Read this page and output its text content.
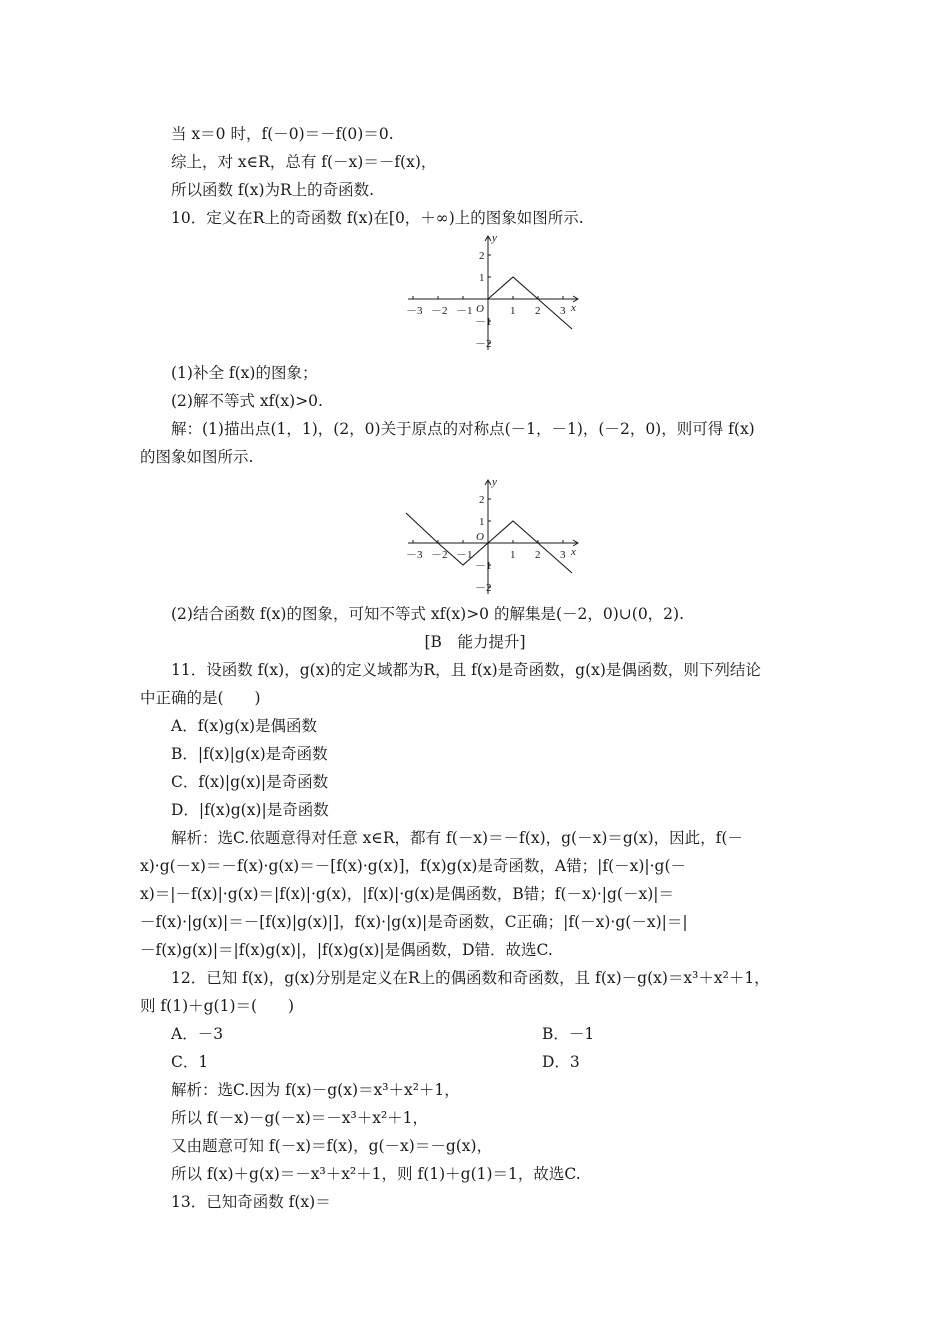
当 x＝0 时，f(－0)＝－f(0)＝0.
综上，对 x∈R，总有 f(－x)＝－f(x)，
所以函数 f(x)为R上的奇函数.
10．定义在R上的奇函数 f(x)在[0，＋∞)上的图象如图所示.
y
x
O
－3 －2 －1	1 2 3
2
1
－1
－2
(1)补全 f(x)的图象；
(2)解不等式 xf(x)>0.
解：(1)描出点(1，1)，(2，0)关于原点的对称点(－1，－1)，(－2，0)，则可得 f(x)
的图象如图所示.
y
x
O
－3 －2 －1	1 2 3
2
1
－1
－2
(2)结合函数 f(x)的图象，可知不等式 xf(x)>0 的解集是(－2，0)∪(0，2).
[B　能力提升]
11．设函数 f(x)，g(x)的定义域都为R，且 f(x)是奇函数，g(x)是偶函数，则下列结论
中正确的是(　　)
A．f(x)g(x)是偶函数
B．|f(x)|g(x)是奇函数
C．f(x)|g(x)|是奇函数
D．|f(x)g(x)|是奇函数
解析：选C.依题意得对任意 x∈R，都有 f(－x)＝－f(x)，g(－x)＝g(x)，因此，f(－
x)·g(－x)＝－f(x)·g(x)＝－[f(x)·g(x)]，f(x)g(x)是奇函数，A错；|f(－x)|·g(－
x)＝|－f(x)|·g(x)＝|f(x)|·g(x)，|f(x)|·g(x)是偶函数，B错；f(－x)·|g(－x)|＝
－f(x)·|g(x)|＝－[f(x)|g(x)|]，f(x)·|g(x)|是奇函数，C正确；|f(－x)·g(－x)|＝|
－f(x)g(x)|＝|f(x)g(x)|，|f(x)g(x)|是偶函数，D错．故选C.
12．已知 f(x)，g(x)分别是定义在R上的偶函数和奇函数，且 f(x)－g(x)＝x³＋x²＋1，
则 f(1)＋g(1)＝(　　)
A．－3	B．－1
C．1	D．3
解析：选C.因为 f(x)－g(x)＝x³＋x²＋1，
所以 f(－x)－g(－x)＝－x³＋x²＋1，
又由题意可知 f(－x)＝f(x)，g(－x)＝－g(x)，
所以 f(x)＋g(x)＝－x³＋x²＋1，则 f(1)＋g(1)＝1，故选C.
13．已知奇函数 f(x)＝
